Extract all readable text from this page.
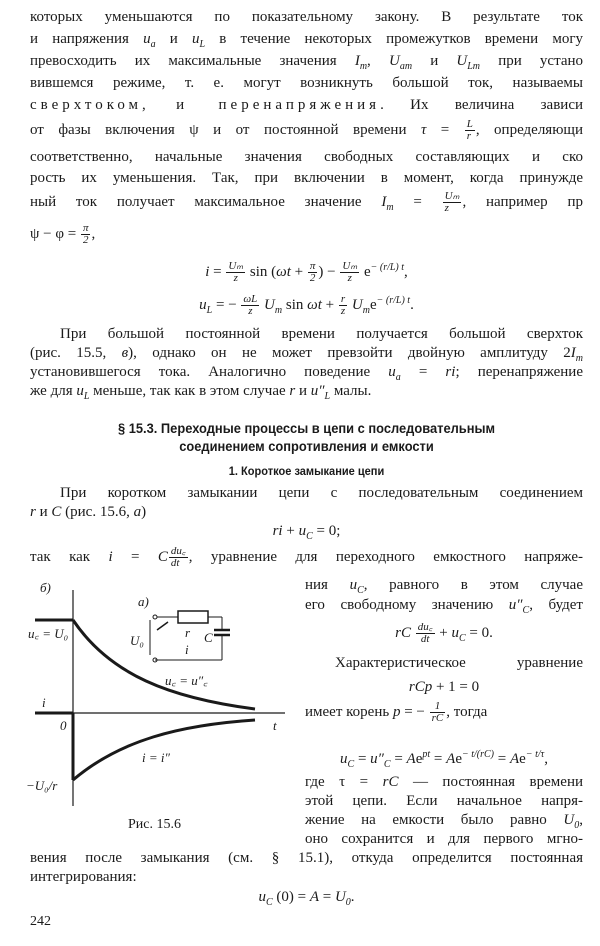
которых уменьшаются по показательному закону. В результате ток
и напряжения $u_а$ и $u_L$ в течение некоторых промежутков времени могу
превосходить их максимальные значения $I_m$, $U_{am}$ и $U_{Lm}$ при устано
вившемся режиме, т. е. могут возникнуть большой ток, называемы
сверхтоком, и перенапряжения. Их величина зависи
от фазы включения ψ и от постоянной времени $\tau = \frac{L}{r}$ , определяющи
соответственно, начальные значения свободных составляющих и ско
рость их уменьшения. Так, при включении в момент, когда принужде
ный ток получает максимальное значение $I_m = \frac{\text{Uₘ}}{z}$ , например пр
$\psi - \varphi = \frac{\pi}{2}$ ,
$i = \frac{\text{Uₘ}}{z}$ $\sin (\omega t + \frac{\pi}{2}$ ) − $\frac{\text{Uₘ}}{z} e^{- (r/L) t}$,
$u_L$ = − $\frac{\omega L}{z} U_m$ $\sin \omega t + \frac{r}{z} U_me^{- (r/L) t}$.
При большой постоянной времени получается большой сверхток
(рис. 15.5, в), однако он не может превзойти двойную амплитуду $2I_m$
установившегося тока. Аналогично поведение $u_а$ = ri; перенапряжение
же для $u_L$ меньше, так как в этом случае r и $u''_L$ малы.
§ 15.3. Переходные процессы в цепи с последовательным
соединением сопротивления и емкости
1. Короткое замыкание цепи
При коротком замыкании цепи с последовательным соединением
r и C (рис. 15.6, а)
ri + $u_C = 0$;
так как i = C $\frac{du꜀}{dt}$ , уравнение для переходного емкостного напряже-
ния $u_C$, равного в этом случае
его свободному значению $u''_C$, будет
rC $\frac{du꜀}{dt} + u_C = 0$.
Характеристическое уравнение
rCp + 1 = 0
имеет корень p = − $\frac{1}{rC}$ , тогда
$u_C = u''_C = Ae^{pt} = Ae^{- t/(rC)} = Ae^{- t/\tau}$,
где τ = rC — постоянная времени
этой цепи. Если начальное напря-
жение на емкости было равно $U_0$,
оно сохранится и для первого мгно-
вения после замыкания (см. § 15.1), откуда определится постоянная
интегрирования:
$u_C$ $(0) = A = U_0$.
б)
а)
u꜀ = U₀	U₀
r
i
C
u꜀ = u″꜀
i
0	t
i = i″
−U₀/r
Рис. 15.6
242
